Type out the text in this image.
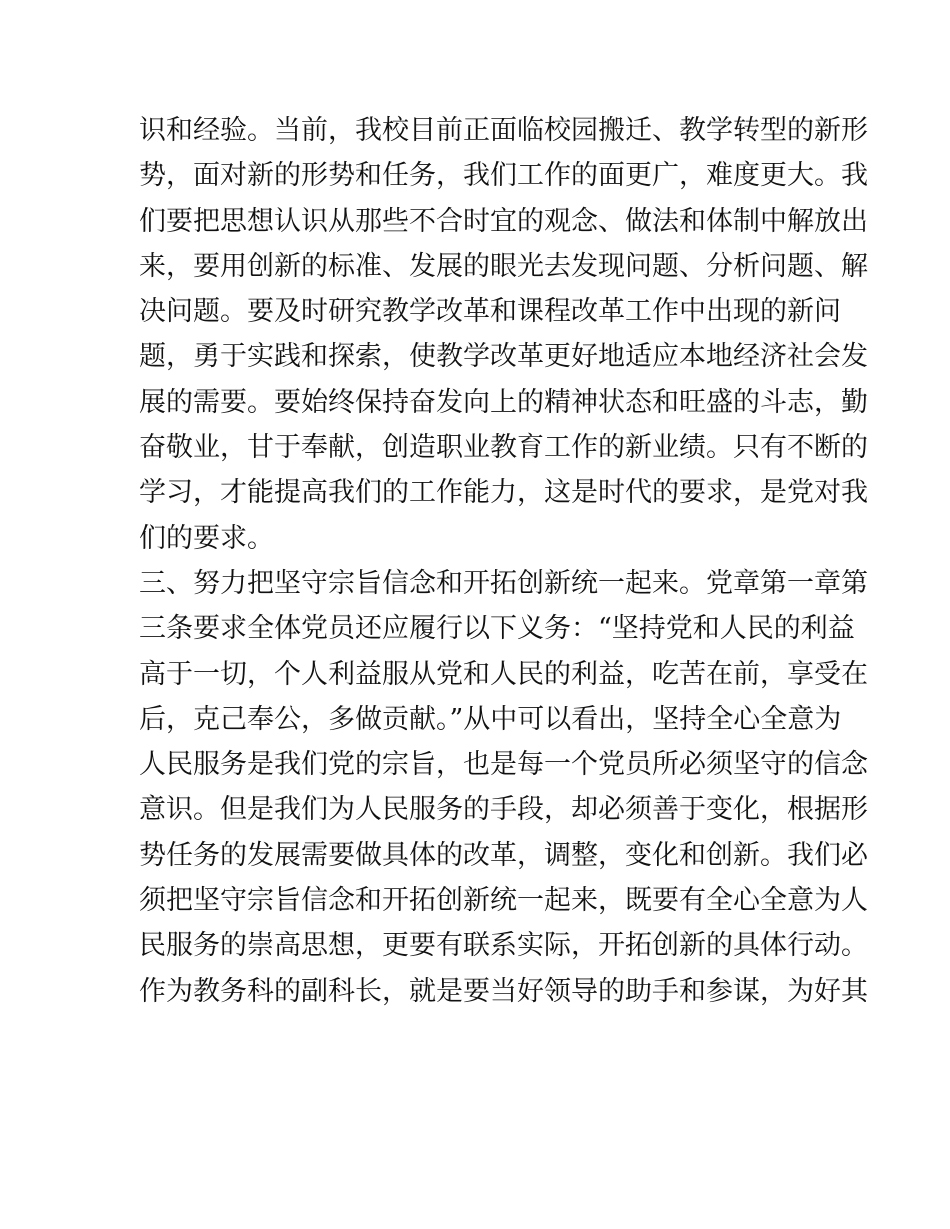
识和经验。当前，我校目前正面临校园搬迁、教学转型的新形
势，面对新的形势和任务，我们工作的面更广，难度更大。我
们要把思想认识从那些不合时宜的观念、做法和体制中解放出
来，要用创新的标准、发展的眼光去发现问题、分析问题、解
决问题。要及时研究教学改革和课程改革工作中出现的新问
题，勇于实践和探索，使教学改革更好地适应本地经济社会发
展的需要。要始终保持奋发向上的精神状态和旺盛的斗志，勤
奋敬业，甘于奉献，创造职业教育工作的新业绩。只有不断的
学习，才能提高我们的工作能力，这是时代的要求，是党对我
们的要求。
三、努力把坚守宗旨信念和开拓创新统一起来。党章第一章第
三条要求全体党员还应履行以下义务：“坚持党和人民的利益
高于一切，个人利益服从党和人民的利益，吃苦在前，享受在
后，克己奉公，多做贡献。”从中可以看出，坚持全心全意为
人民服务是我们党的宗旨，也是每一个党员所必须坚守的信念
意识。但是我们为人民服务的手段，却必须善于变化，根据形
势任务的发展需要做具体的改革，调整，变化和创新。我们必
须把坚守宗旨信念和开拓创新统一起来，既要有全心全意为人
民服务的崇高思想，更要有联系实际，开拓创新的具体行动。
作为教务科的副科长，就是要当好领导的助手和参谋，为好其
